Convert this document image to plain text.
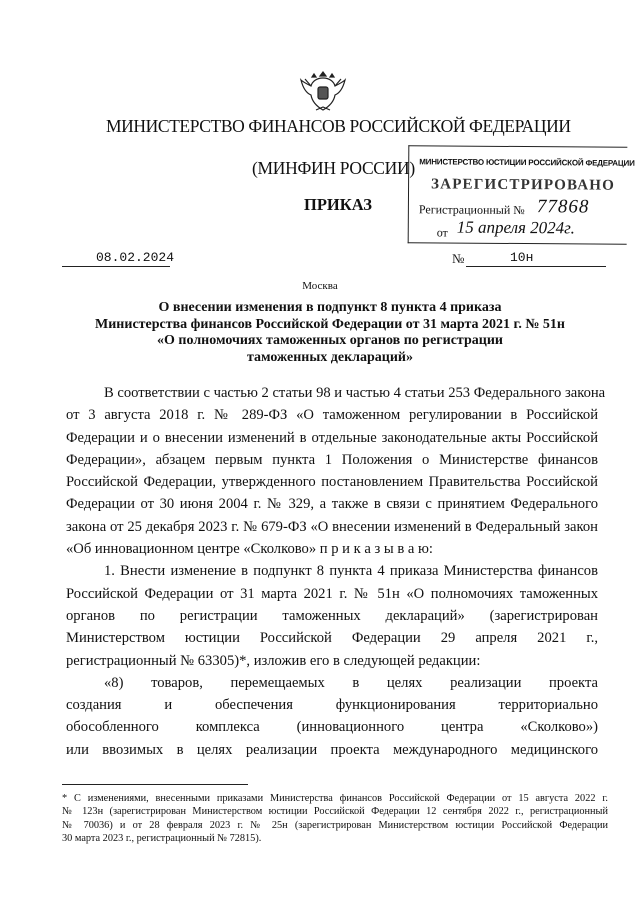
МИНИСТЕРСТВО ФИНАНСОВ РОССИЙСКОЙ ФЕДЕРАЦИИ
(МИНФИН РОССИИ)
ПРИКАЗ
МИНИСТЕРСТВО ЮСТИЦИИ РОССИЙСКОЙ ФЕДЕРАЦИИ
ЗАРЕГИСТРИРОВАНО
Регистрационный № 77868
от 15 апреля 2024г.
08.02.2024	№	10н
Москва
О внесении изменения в подпункт 8 пункта 4 приказа
Министерства финансов Российской Федерации от 31 марта 2021 г. № 51н
«О полномочиях таможенных органов по регистрации
таможенных деклараций»
В соответствии с частью 2 статьи 98 и частью 4 статьи 253 Федерального закона
от 3 августа 2018 г. № 289-ФЗ «О таможенном регулировании в Российской
Федерации и о внесении изменений в отдельные законодательные акты Российской
Федерации», абзацем первым пункта 1 Положения о Министерстве финансов
Российской Федерации, утвержденного постановлением Правительства Российской
Федерации от 30 июня 2004 г. № 329, а также в связи с принятием Федерального
закона от 25 декабря 2023 г. № 679-ФЗ «О внесении изменений в Федеральный закон
«Об инновационном центре «Сколково» п р и к а з ы в а ю:
1. Внести изменение в подпункт 8 пункта 4 приказа Министерства финансов
Российской Федерации от 31 марта 2021 г. № 51н «О полномочиях таможенных
органов по регистрации таможенных деклараций» (зарегистрирован
Министерством юстиции Российской Федерации 29 апреля 2021 г.,
регистрационный № 63305)*, изложив его в следующей редакции:
«8) товаров, перемещаемых в целях реализации проекта
создания и обеспечения функционирования территориально
обособленного комплекса (инновационного центра «Сколково»)
или ввозимых в целях реализации проекта международного медицинского
* С изменениями, внесенными приказами Министерства финансов Российской Федерации от 15 августа 2022 г.
№ 123н (зарегистрирован Министерством юстиции Российской Федерации 12 сентября 2022 г., регистрационный
№ 70036) и от 28 февраля 2023 г. № 25н (зарегистрирован Министерством юстиции Российской Федерации
30 марта 2023 г., регистрационный № 72815).
